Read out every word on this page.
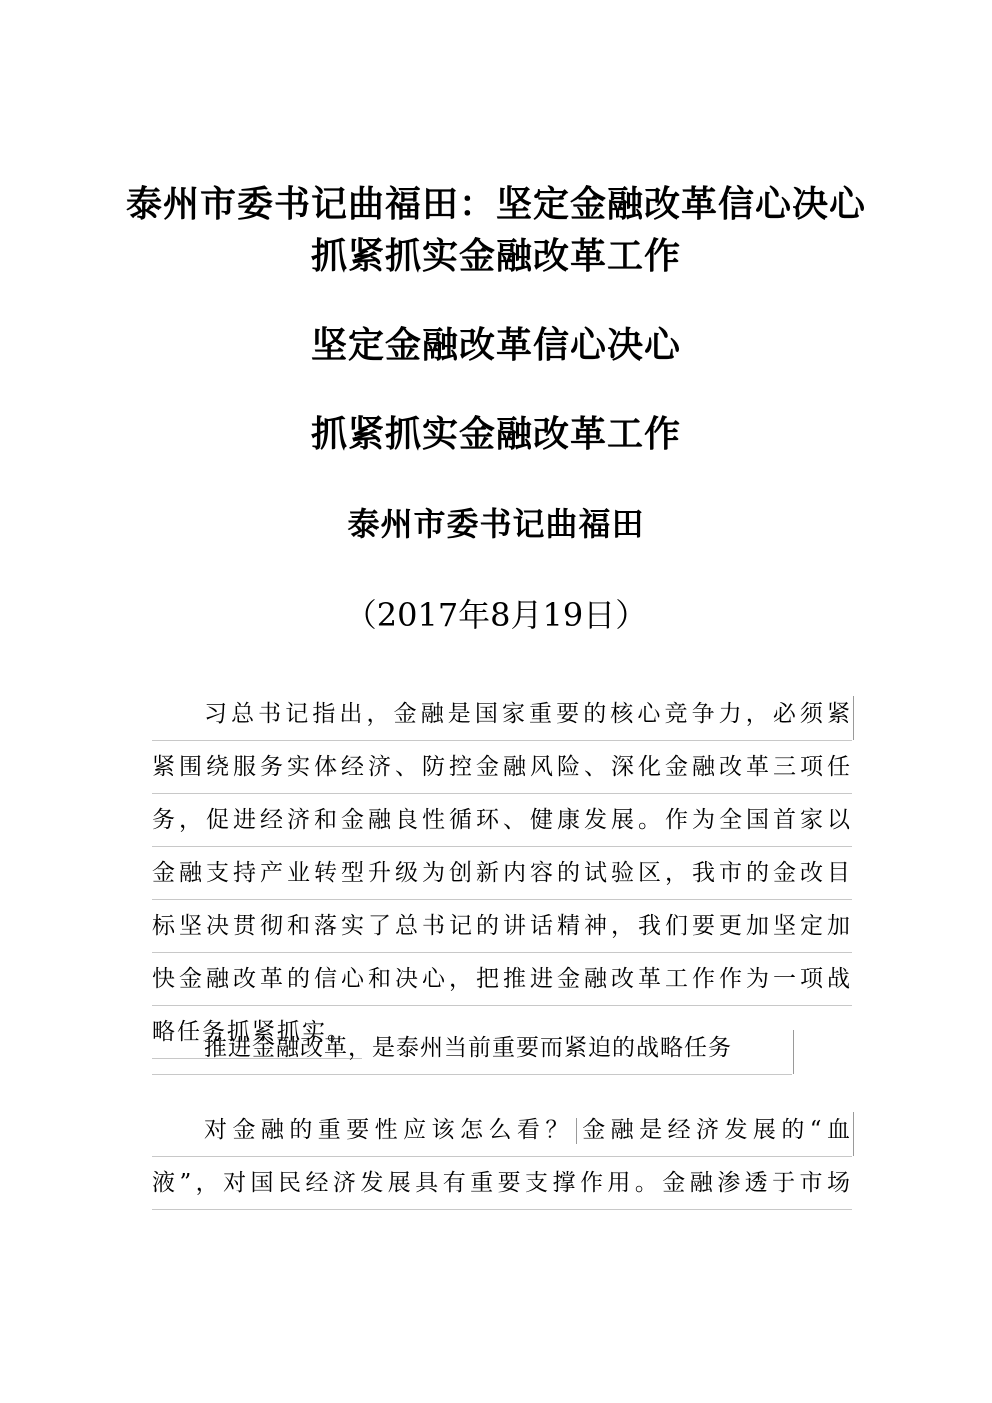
泰州市委书记曲福田：坚定金融改革信心决心
抓紧抓实金融改革工作
坚定金融改革信心决心
抓紧抓实金融改革工作
泰州市委书记曲福田
（2017年8月19日）
习总书记指出，金融是国家重要的核心竞争力，必须紧
紧围绕服务实体经济、防控金融风险、深化金融改革三项任
务，促进经济和金融良性循环、健康发展。作为全国首家以
金融支持产业转型升级为创新内容的试验区，我市的金改目
标坚决贯彻和落实了总书记的讲话精神，我们要更加坚定加
快金融改革的信心和决心，把推进金融改革工作作为一项战
略任务抓紧抓实。
推进金融改革，是泰州当前重要而紧迫的战略任务
对金融的重要性应该怎么看？ 金融是经济发展的“血
液”，对国民经济发展具有重要支撑作用。金融渗透于市场
